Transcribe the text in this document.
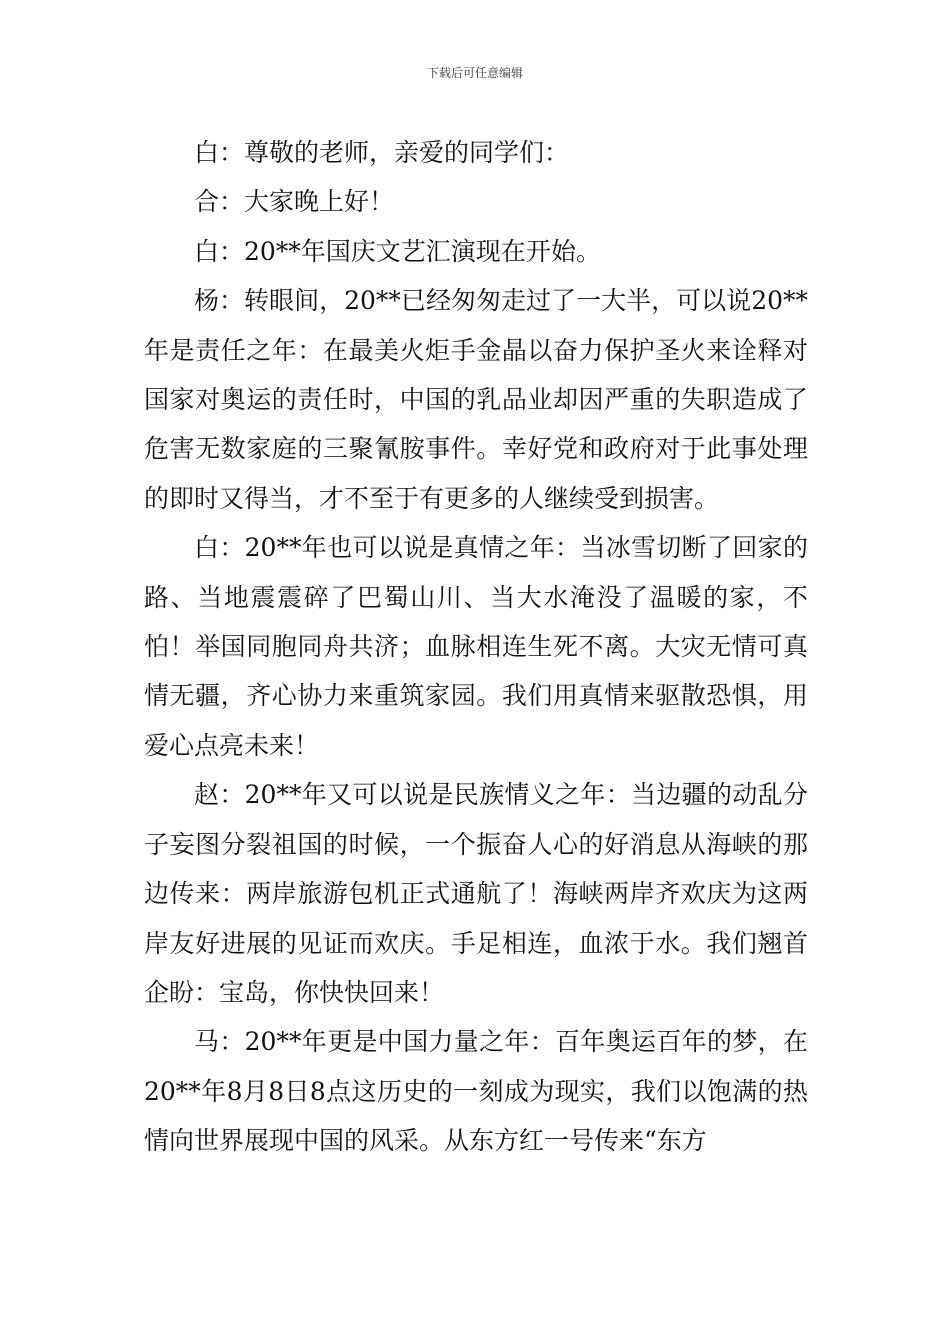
下载后可任意编辑

白：尊敬的老师，亲爱的同学们：

合：大家晚上好！

白：20**年国庆文艺汇演现在开始。

杨：转眼间，20**已经匆匆走过了一大半，可以说20**年是责任之年：在最美火炬手金晶以奋力保护圣火来诠释对国家对奥运的责任时，中国的乳品业却因严重的失职造成了危害无数家庭的三聚氰胺事件。幸好党和政府对于此事处理的即时又得当，才不至于有更多的人继续受到损害。

白：20**年也可以说是真情之年：当冰雪切断了回家的路、当地震震碎了巴蜀山川、当大水淹没了温暖的家，不怕！举国同胞同舟共济；血脉相连生死不离。大灾无情可真情无疆，齐心协力来重筑家园。我们用真情来驱散恐惧，用爱心点亮未来！

赵：20**年又可以说是民族情义之年：当边疆的动乱分子妄图分裂祖国的时候，一个振奋人心的好消息从海峡的那边传来：两岸旅游包机正式通航了！海峡两岸齐欢庆为这两岸友好进展的见证而欢庆。手足相连，血浓于水。我们翘首企盼：宝岛，你快快回来！

马：20**年更是中国力量之年：百年奥运百年的梦，在20**年8月8日8点这历史的一刻成为现实，我们以饱满的热情向世界展现中国的风采。从东方红一号传来“东方
